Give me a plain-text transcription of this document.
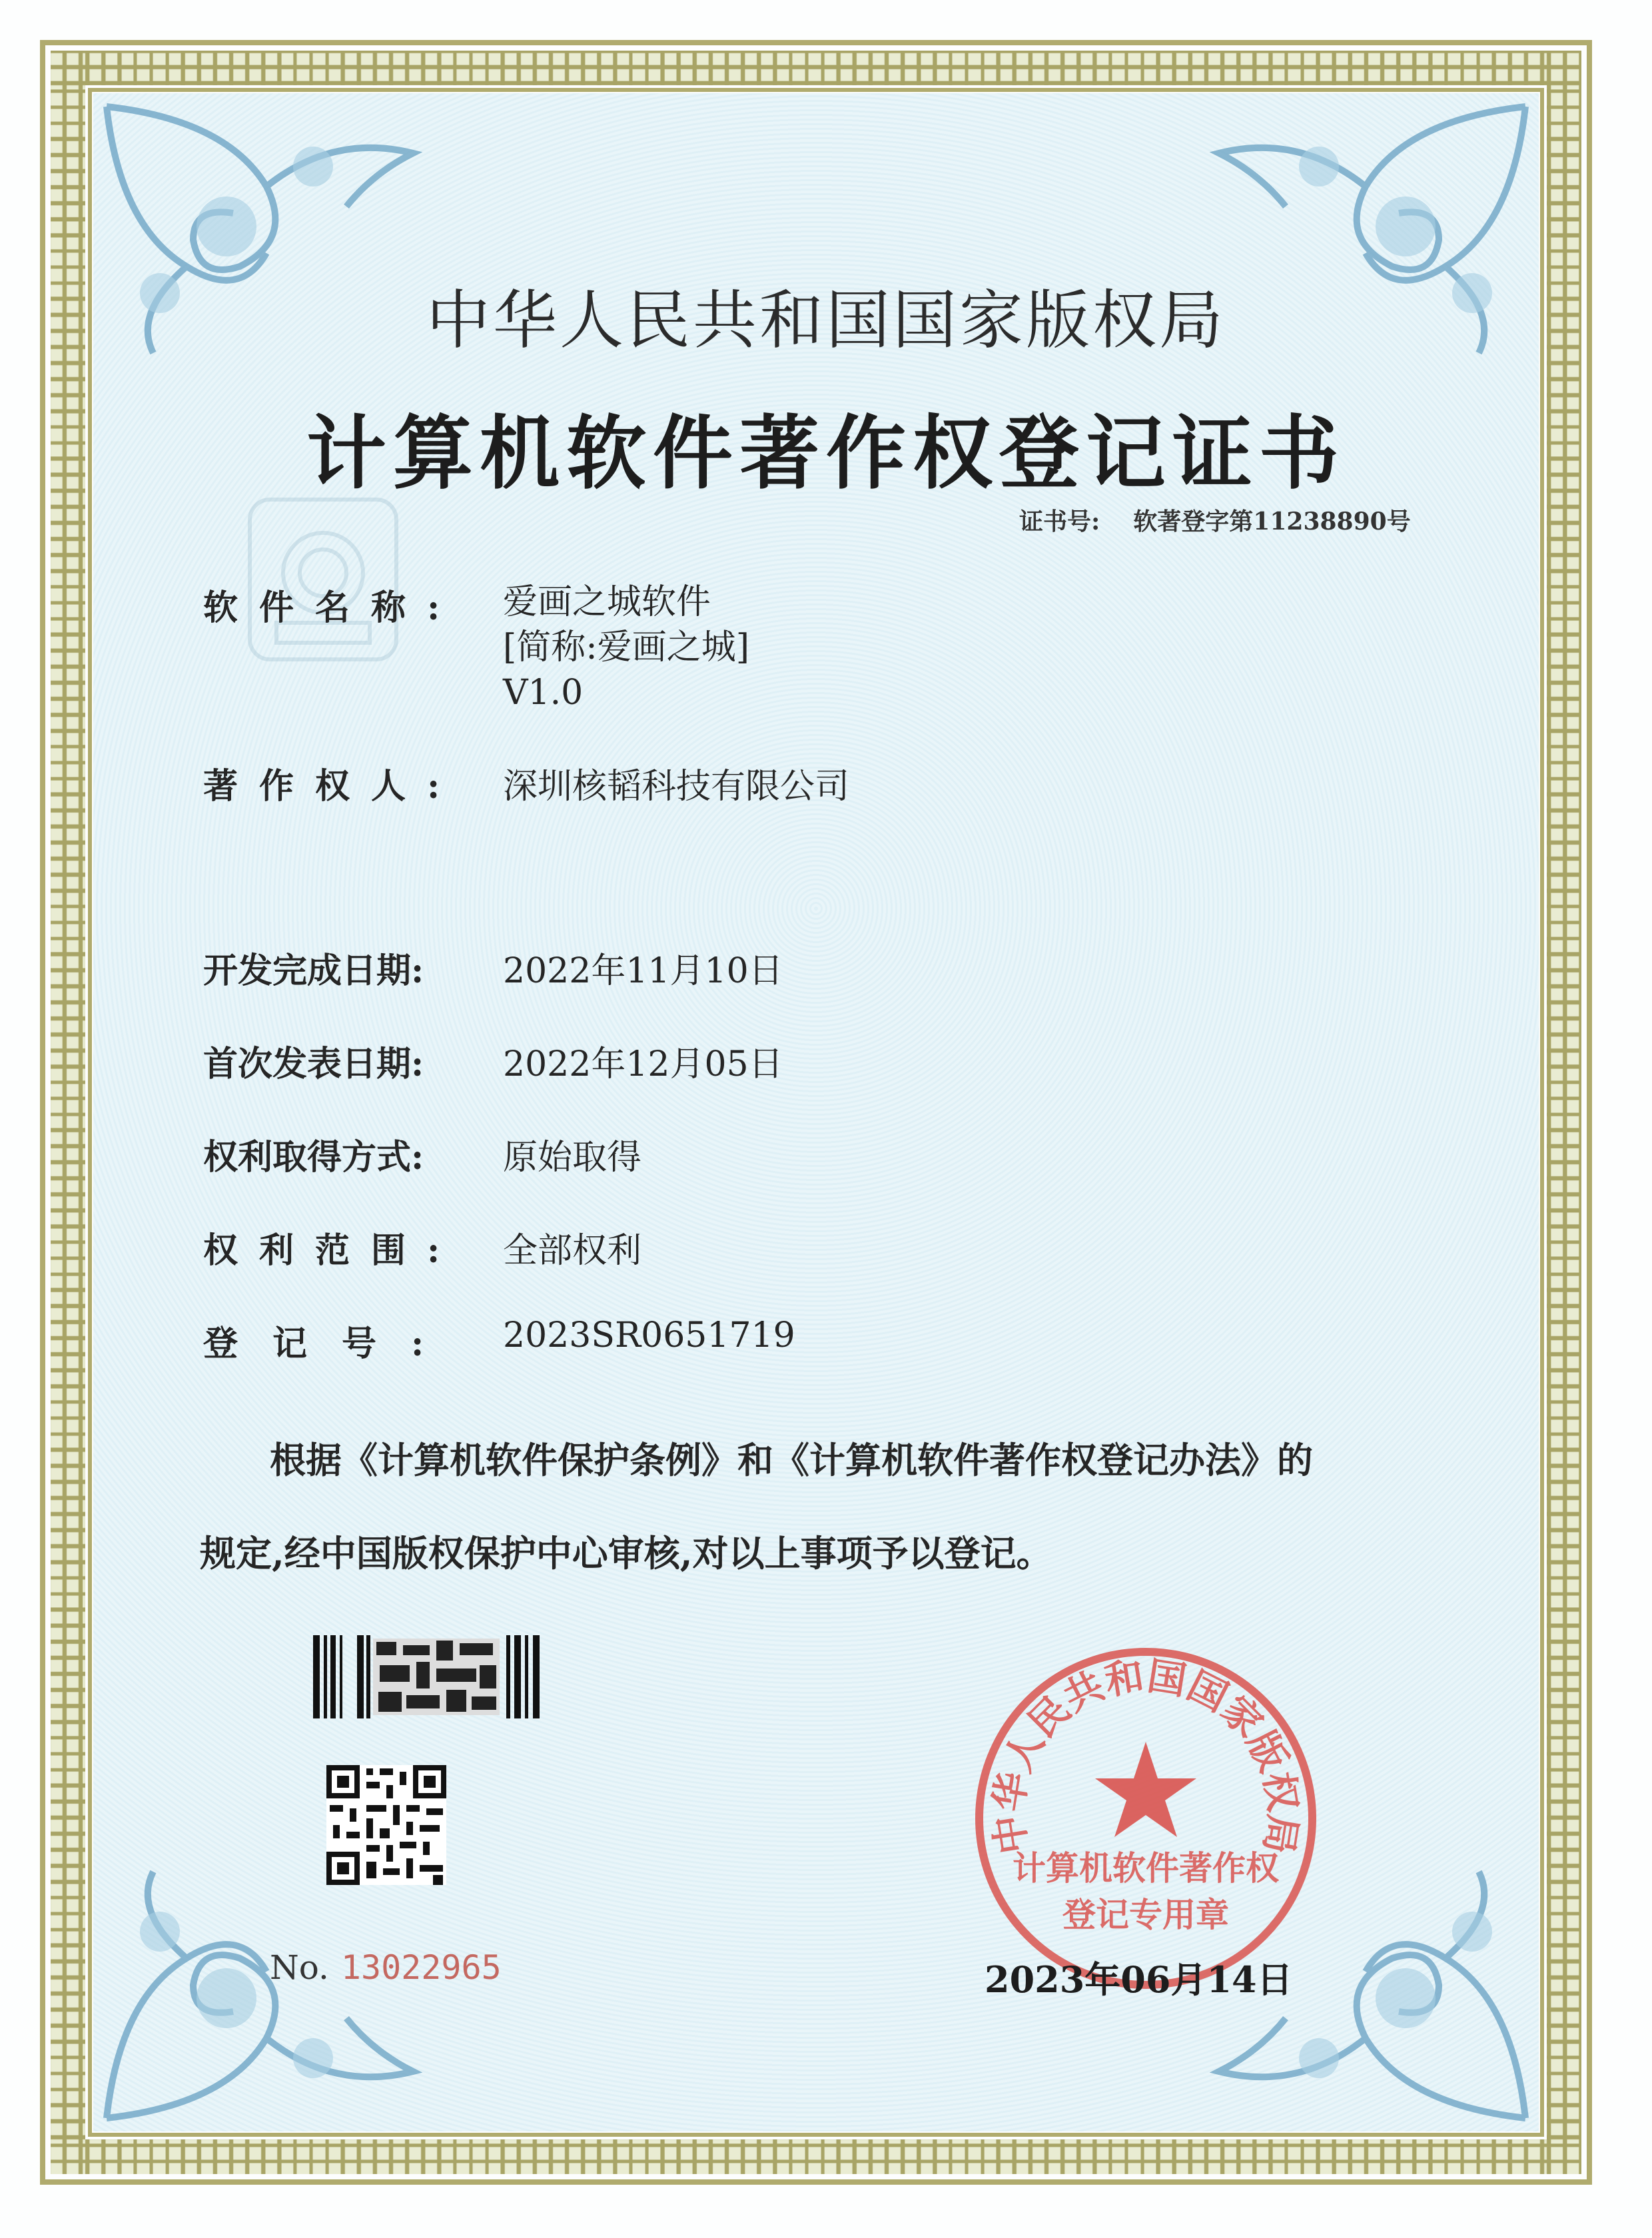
中华人民共和国国家版权局
计算机软件著作权登记证书
证书号: 软著登字第11238890号
软件名称: 爱画之城软件
[简称:爱画之城]
V1.0
著作权人: 深圳核韬科技有限公司
开发完成日期:	2022年11月10日
首次发表日期:	2022年12月05日
权利取得方式:	原始取得
权利范围: 全部权利
登记号:	2023SR0651719
根据《计算机软件保护条例》和《计算机软件著作权登记办法》的
规定,经中国版权保护中心审核,对以上事项予以登记。
No. 13022965
中华人民共和国国家版权局
计算机软件著作权
登记专用章
2023年06月14日
